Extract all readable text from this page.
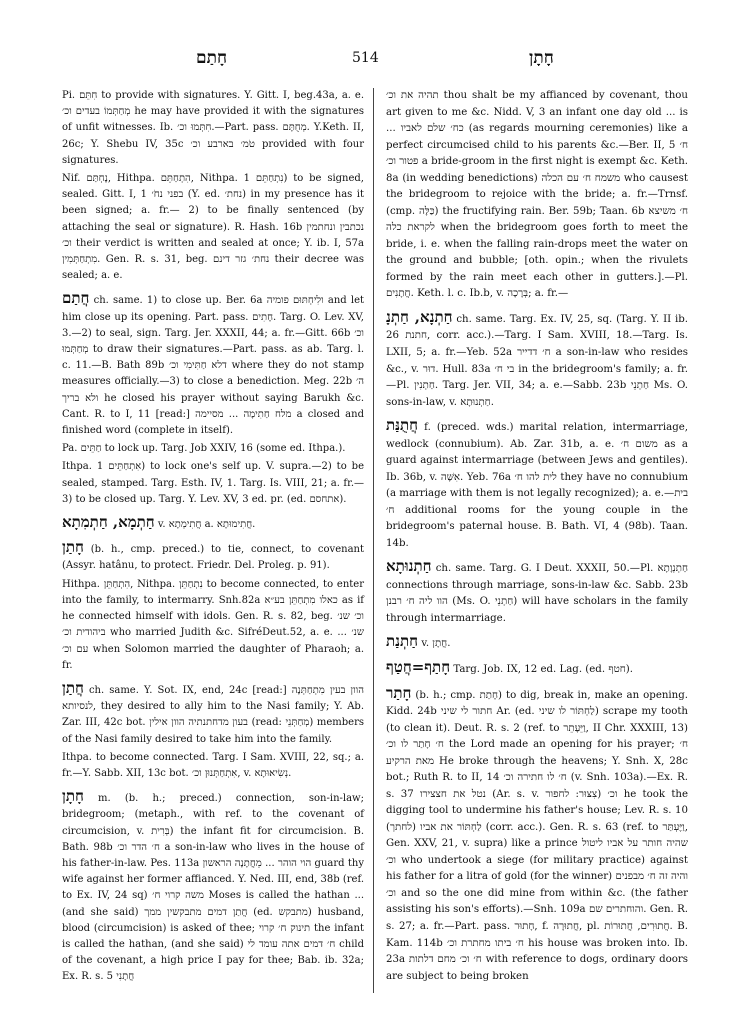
חָתַם	514	חָתָן
Pi. חִתֵּם to provide with signatures. Y. Gitt. I, beg.43a, a. e. מְחַתְּמוֹ בעדים וכ׳ he may have provided it with the signatures of unfit witnesses. Ib. חִתְּמוּ וכ׳.—Part. pass. מְחֻתָּם. Y.Keth. II, 26c; Y. Shebu IV, 35c טֹמ׳ בארבע וכ׳ provided with four signatures.
Nif. נֶחְתַּם, Hithpa. הִתְחַתֵּם, Nithpa. נִתְחַתֵּם 1) to be signed, sealed. Gitt. I, 1 בפני נחֹ׳ (Y. ed. נחת׳) in my presence has it been signed; a. fr.— 2) to be finally sentenced (by attaching the seal or signature). R. Hash. 16b נכתבין ונחתמין וכ׳ their verdict is written and sealed at once; Y. ib. I, 57a מִתְחַתְּמִין. Gen. R. s. 31, beg. נחת׳ גזר דינם their decree was sealed; a. e.
חֲתַם ch. same. 1) to close up. Ber. 6a ולִיחְתּוּם פומיה and let him close up its opening. Part. pass. חָתִים. Targ. O. Lev. XV, 3.—2) to seal, sign. Targ. Jer. XXXII, 44; a. fr.—Gitt. 66b וכ׳ מְחַתְּמוּ to draw their signatures.—Part. pass. as ab. Targ. l. c. 11.—B. Bath 89b דלא חַתִּימִי וכ׳ where they do not stamp measures officially.—3) to close a benediction. Meg. 22b ה׳ ולא בריך he closed his prayer without saying Barukh &c. Cant. R. to I, 11 [read:] מלח חַתִימָה ... מסיימה a closed and finished word (complete in itself).
Pa. חַתֵּים to lock up. Targ. Job XXIV, 16 (some ed. Ithpa.).
Ithpa. אִתְחַתֵּים 1) to lock one's self up. V. supra.—2) to be sealed, stamped. Targ. Esth. IV, 1. Targ. Is. VIII, 21; a. fr.—3) to be closed up. Targ. Y. Lev. XV, 3 ed. pr. (ed. אתחסם).
חַתְמָא, חַתְמִתָא v. חֲתִימְתָא a. חֲתִימוּתָא.
חָתַן (b. h., cmp. preced.) to tie, connect, to covenant (Assyr. hatânu, to protect. Friedr. Del. Proleg. p. 91).
Hithpa. הִתְחַתֵּן, Nithpa. נִתְחַתֵּן to become connected, to enter into the family, to intermarry. Snh.82a כאלו מִתְחַתֵּן בע״א as if he connected himself with idols. Gen. R. s. 82, beg. וכ׳ שנ׳ ביהודית וכ׳ who married Judith &c. SifréDeut.52, a. e. שנ׳ ... עם וכ׳ when Solomon married the daughter of Pharaoh; a. fr.
חֲתַן ch. same. Y. Sot. IX, end, 24c [read:] הוון בעין מִתְחַתְּנָה לנסיותא, they desired to ally him to the Nasi family; Y. Ab. Zar. III, 42c bot. בעון מדחתנתיה הוון אילין (read: מְחַתְּנֵי) members of the Nasi family desired to take him into the family.
Ithpa. to become connected. Targ. I Sam. XVIII, 22, sq.; a. fr.—Y. Sabb. XII, 13c bot. אִתְחַתְּנוּן וכ׳, v. נְשִׂיאוּתָא.
חָתָן m. (b. h.; preced.) connection, son-in-law; bridegroom; (metaph., with ref. to the covenant of circumcision, v. בְּרִית) the infant fit for circumcision. B. Bath. 98b ח׳ הדר וכ׳ a son-in-law who lives in the house of his father-in-law. Pes. 113a הוי הוהר ... מֵחֲתָנָה הראשון guard thy wife against her former affianced. Y. Ned. III, end, 38b (ref. to Ex. IV, 24 sq) משה קרוי ח׳ Moses is called the hathan ... (and she said) חֲתַן דמים מתבקשין ממך (ed. מתבקש) husband, blood (circumcision) is asked of thee; תינוק ח׳ קרוי the infant is called the hathan, (and she said) ח׳ דמים אתה עומד לי child of the covenant, a high price I pay for thee; Bab. ib. 32a; Ex. R. s. 5 חֲתָנִי
תהיה את וכ׳ thou shalt be my affianced by covenant, thou art given to me &c. Nidd. V, 3 an infant one day old ... is ... כח׳ שלם לאביו (as regards mourning ceremonies) like a perfect circumcised child to his parents &c.—Ber. II, 5 ח׳ פטור וכ׳ a bride-groom in the first night is exempt &c. Keth. 8a (in wedding benedictions) משמח ח׳ עם הכלה who causest the bridegroom to rejoice with the bride; a. fr.—Trnsf. (cmp. כַּלָּה) the fructifying rain. Ber. 59b; Taan. 6b ח׳ משיצא לקראת כלה when the bridegroom goes forth to meet the bride, i. e. when the falling rain-drops meet the water on the ground and bubble; [oth. opin.; when the rivulets formed by the rain meet each other in gutters.].—Pl. חֲתָנִים. Keth. l. c. Ib.b, v. בְּרָכָה; a. fr.—
חַתְנָא, חַתְנָ ch. same. Targ. Ex. IV, 25, sq. (Targ. Y. II ib. 26 חתנת, corr. acc.).—Targ. I Sam. XVIII, 18.—Targ. Is. LXII, 5; a. fr.—Yeb. 52a ח׳ דדייר a son-in-law who resides &c., v. דוּר. Hull. 83a בי ח׳ in the bridegroom's family; a. fr.—Pl. חַתְנִין. Targ. Jer. VII, 34; a. e.—Sabb. 23b חַתְנֵי Ms. O. sons-in-law, v. חַתְנוּתָא.
חֲתֻנַּת f. (preced. wds.) marital relation, intermarriage, wedlock (connubium). Ab. Zar. 31b, a. e. משום ח׳ as a guard against intermarriage (between Jews and gentiles). Ib. 36b, v. אִשָּׁה. Yeb. 76a לית להו ח׳ they have no connubium (a marriage with them is not legally recognized); a. e.—בית ח׳ additional rooms for the young couple in the bridegroom's paternal house. B. Bath. VI, 4 (98b). Taan. 14b.
חַתְנוּתָא ch. same. Targ. G. I Deut. XXXII, 50.—Pl. חַתְנְוָתָא connections through marriage, sons-in-law &c. Sabb. 23b הוו ליה ח׳ רבנן (Ms. O. חַתְנֵי) will have scholars in the family through intermarriage.
חַתְנַת v. חֲתָן.
חָתַף=חֲטַף Targ. Job. IX, 12 ed. Lag. (ed. חטף).
חָתַר (b. h.; cmp. חָתַת) to dig, break in, make an opening. Kidd. 24b חתור לי שיני Ar. (ed. לַחְתּוֹר לו שיני) scrape my tooth (to clean it). Deut. R. s. 2 (ref. to וַיֵּעָתֵר, II Chr. XXXIII, 13) ח׳ חָתַר לו וכ׳ the Lord made an opening for his prayer; ח׳ מאת הרקיע He broke through the heavens; Y. Snh. X, 28c bot.; Ruth R. to II, 14 ח׳ לו חתירה וכ׳ (v. Snh. 103a).—Ex. R. s. 37 נטל את חצצירו (Ar. s. v. צִצּוּר: לחפור) וכ׳ he took the digging tool to undermine his father's house; Lev. R. s. 10 (לחתך) לַחְתּוֹר את אביו (corr. acc.). Gen. R. s. 63 (ref. to וַיֶּעְתַּר, Gen. XXV, 21, v. supra) like a prince שהיה חותר על אביו ליטול וכ׳ who undertook a siege (for military practice) against his father for a litra of gold (for the winner) והיה זה ח׳ מבפנים וכ׳ and so the one did mine from within &c. (the father assisting his son's efforts).—Snh. 109a והוחתרים שם. Gen. R. s. 27; a. fr.—Part. pass. חָתוּר, f. חֲתוּרָה, pl. חֲתוּרִים, חֲתוּרוֹת. B. Kam. 114b ח׳ ביתו מחתרת וכ׳ his house was broken into. Ib. 23a ח׳ וכ׳ מחם דלתות with reference to dogs, ordinary doors are subject to being broken
